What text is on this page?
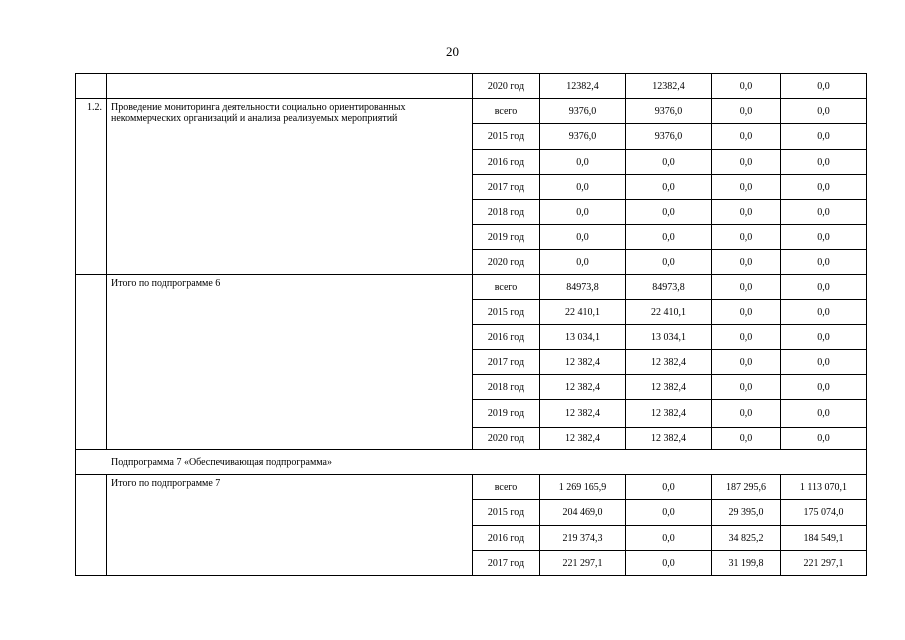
20
		2020 год	12382,4	12382,4	0,0	0,0
1.2.	Проведение мониторинга деятельности социально ориентированных некоммерческих организаций и анализа реализуемых мероприятий	всего	9376,0	9376,0	0,0	0,0
		2015 год	9376,0	9376,0	0,0	0,0
		2016 год	0,0	0,0	0,0	0,0
		2017 год	0,0	0,0	0,0	0,0
		2018 год	0,0	0,0	0,0	0,0
		2019 год	0,0	0,0	0,0	0,0
		2020 год	0,0	0,0	0,0	0,0
	Итого по подпрограмме 6	всего	84973,8	84973,8	0,0	0,0
		2015 год	22 410,1	22 410,1	0,0	0,0
		2016 год	13 034,1	13 034,1	0,0	0,0
		2017 год	12 382,4	12 382,4	0,0	0,0
		2018 год	12 382,4	12 382,4	0,0	0,0
		2019 год	12 382,4	12 382,4	0,0	0,0
		2020 год	12 382,4	12 382,4	0,0	0,0
Подпрограмма 7 «Обеспечивающая подпрограмма»						
	Итого по подпрограмме 7	всего	1 269 165,9	0,0	187 295,6	1 113 070,1
		2015 год	204 469,0	0,0	29 395,0	175 074,0
		2016 год	219 374,3	0,0	34 825,2	184 549,1
		2017 год	221 297,1	0,0	31 199,8	221 297,1
